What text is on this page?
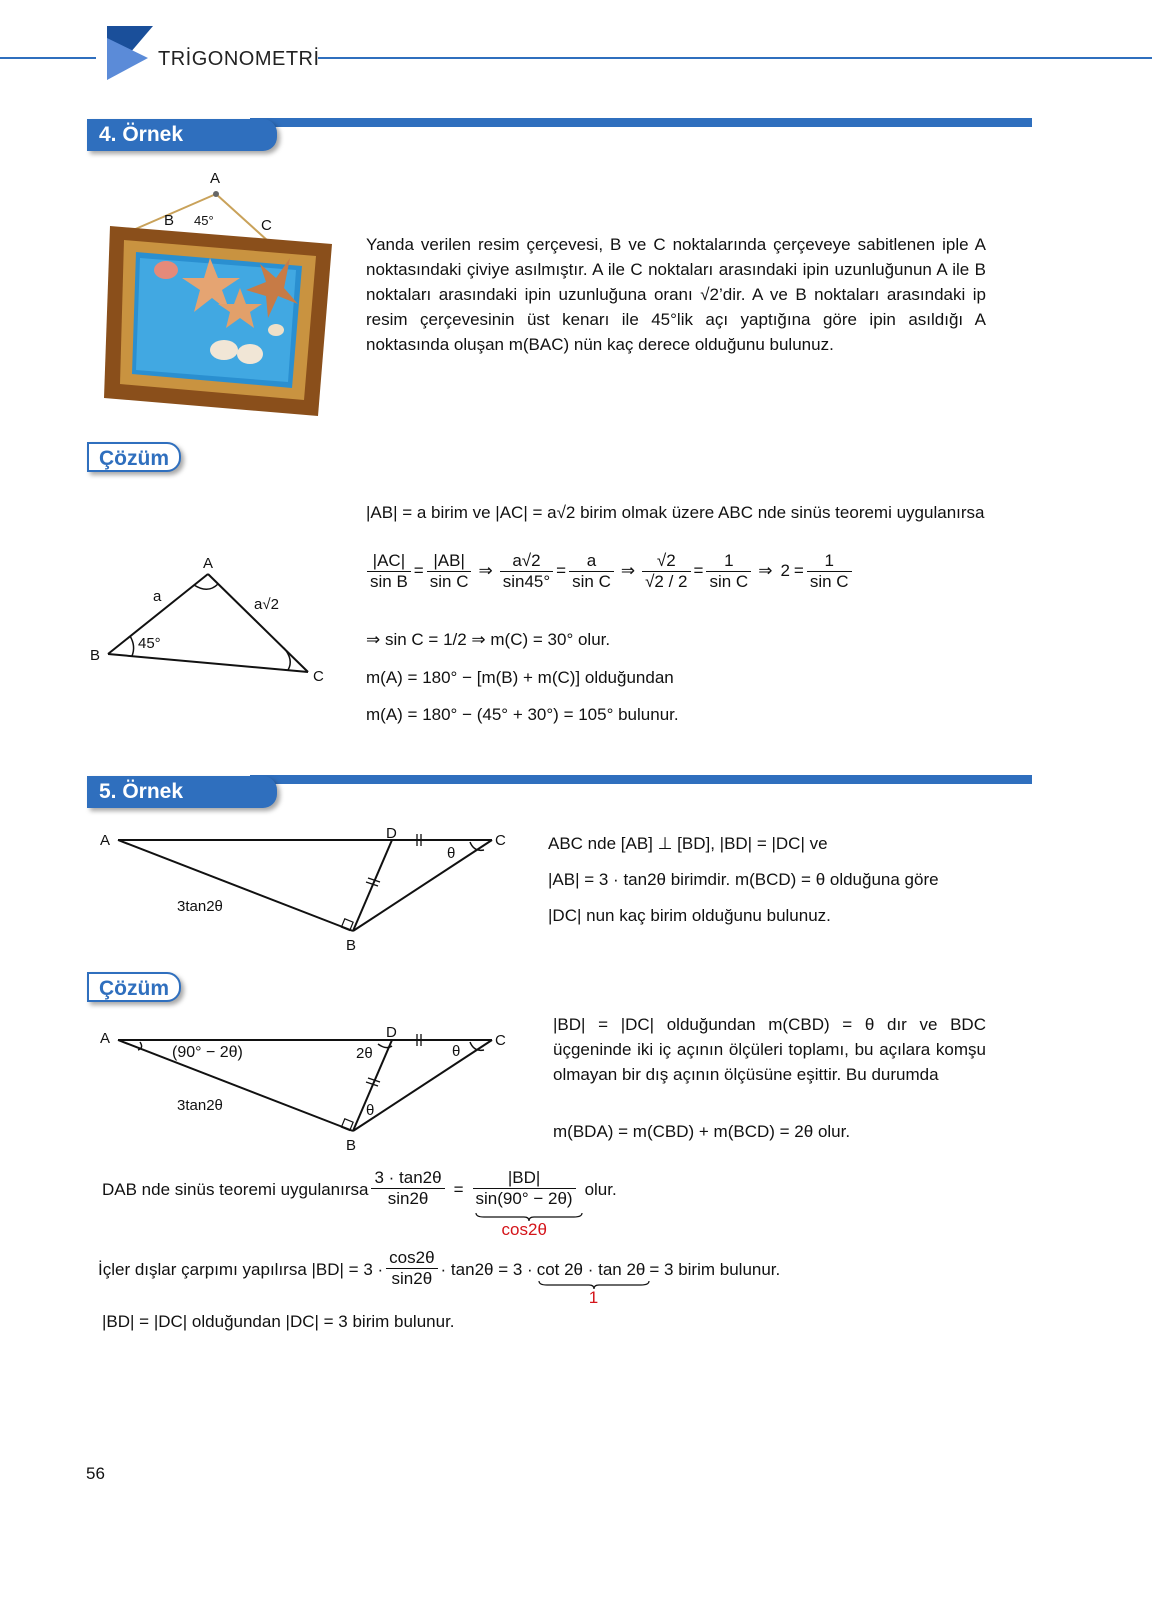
TRİGONOMETRİ
4. Örnek
A
B	C
45°
Yanda verilen resim çerçevesi, B ve C noktalarında çerçeveye sabitlenen iple A noktasındaki çiviye asılmıştır. A ile C noktaları arasındaki ipin uzunluğunun A ile B noktaları arasındaki ipin uzunluğuna oranı √2’dir. A ve B noktaları arasındaki ip resim çerçevesinin üst kenarı ile 45°lik açı yaptığına göre ipin asıldığı A noktasında oluşan m(BAC) nün kaç derece olduğunu bulunuz.
Çözüm
A
B
C
a	a√2
45°
|AB| = a birim ve |AC| = a√2 birim olmak üzere ABC nde sinüs teoremi uygulanırsa
$\frac{|AC|}{\text{sin B}} = \frac{|AB|}{\text{sin C}}$ ⇒ $\frac{a√2}{\sin 45^\circ} = \frac{a}{\text{sin C}}$ ⇒ $\frac{√2}{√2 / 2} = \frac{1}{\text{sin C}}$ ⇒ $2 = \frac{1}{\text{sin C}}$
⇒ sin C = 1/2 ⇒ m(C) = 30° olur.
m(A) = 180° − [m(B) + m(C)] olduğundan
m(A) = 180° − (45° + 30°) = 105° bulunur.
5. Örnek
A	D	C
B
3tan2θ
θ
ABC nde [AB] ⊥ [BD], |BD| = |DC| ve
|AB| = 3 · tan2θ birimdir. m(BCD) = θ olduğuna göre
|DC| nun kaç birim olduğunu bulunuz.
Çözüm
A	D	C
B
3tan2θ
(90° − 2θ)	2θ	θ
θ
|BD| = |DC| olduğundan m(CBD) = θ dır ve BDC üçgeninde iki iç açının ölçüleri toplamı, bu açılara komşu olmayan bir dış açının ölçüsüne eşittir. Bu durumda
m(BDA) = m(CBD) + m(BCD) = 2θ olur.
DAB nde sinüs teoremi uygulanırsa $\frac{3 \cdot \tan 2\theta}{\sin 2\theta} = \frac{|BD|}{\sin(90^\circ - 2\theta)}$
cos2θ
olur.
İçler dışlar çarpımı yapılırsa $|BD| = 3 \cdot \frac{\cos 2\theta}{\sin 2\theta} \cdot \tan 2\theta = 3 \cdot \cot 2\theta \cdot \tan 2\theta$
1
= 3 birim bulunur.
|BD| = |DC| olduğundan |DC| = 3 birim bulunur.
56
